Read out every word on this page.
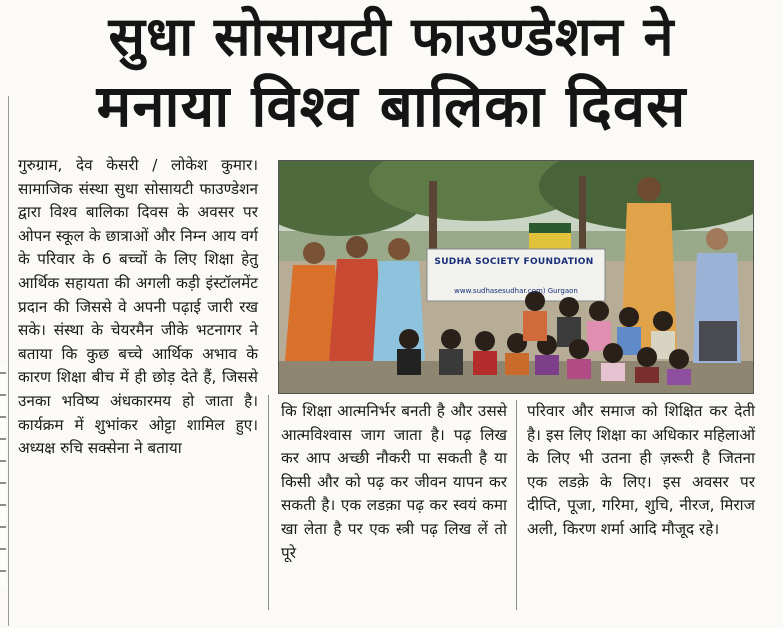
सुधा सोसायटी फाउण्डेशन ने
मनाया विश्व बालिका दिवस

गुरुग्राम, देव केसरी / लोकेश कुमार। सामाजिक संस्था सुधा सोसायटी फाउण्डेशन द्वारा विश्व बालिका दिवस के अवसर पर ओपन स्कूल के छात्राओं और निम्न आय वर्ग के परिवार के 6 बच्चों के लिए शिक्षा हेतु आर्थिक सहायता की अगली कड़ी इंस्टॉलमेंट प्रदान की जिससे वे अपनी पढ़ाई जारी रख सके। संस्था के चेयरमैन जीके भटनागर ने बताया कि कुछ बच्चे आर्थिक अभाव के कारण शिक्षा बीच में ही छोड़ देते हैं, जिससे उनका भविष्य अंधकारमय हो जाता है। कार्यक्रम में शुभांकर ओट्टा शामिल हुए। अध्यक्ष रुचि सक्सेना ने बताया

कि शिक्षा आत्मनिर्भर बनती है और उससे आत्मविश्वास जाग जाता है। पढ़ लिख कर आप अच्छी नौकरी पा सकती है या किसी और को पढ़ कर जीवन यापन कर सकती है। एक लडक़ा पढ़ कर स्वयं कमा खा लेता है पर एक स्त्री पढ़ लिख लें तो पूरे

परिवार और समाज को शिक्षित कर देती है। इस लिए शिक्षा का अधिकार महिलाओं के लिए भी उतना ही ज़रूरी है जितना एक लडक़े के लिए। इस अवसर पर दीप्ति, पूजा, गरिमा, शुचि, नीरज, मिराज अली, किरण शर्मा आदि मौजूद रहे।

SUDHA SOCIETY FOUNDATION
www.sudhasesudhar.com) Gurgaon
